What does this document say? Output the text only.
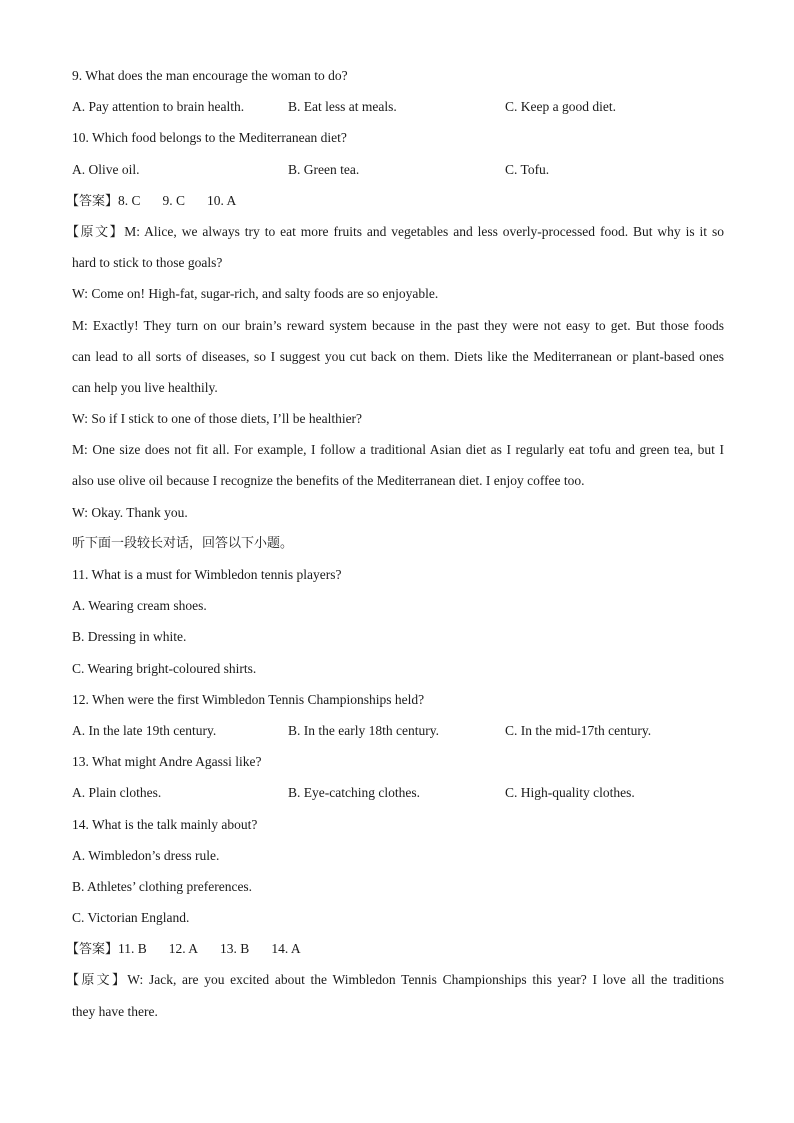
9. What does the man encourage the woman to do?
A. Pay attention to brain health.	B. Eat less at meals.	C. Keep a good diet.
10. Which food belongs to the Mediterranean diet?
A. Olive oil.	B. Green tea.	C. Tofu.
【答案】8. C 9. C 10. A
【原文】M: Alice, we always try to eat more fruits and vegetables and less overly-processed food. But why is it so
hard to stick to those goals?
W: Come on! High-fat, sugar-rich, and salty foods are so enjoyable.
M: Exactly! They turn on our brain’s reward system because in the past they were not easy to get. But those foods
can lead to all sorts of diseases, so I suggest you cut back on them. Diets like the Mediterranean or plant-based ones
can help you live healthily.
W: So if I stick to one of those diets, I’ll be healthier?
M: One size does not fit all. For example, I follow a traditional Asian diet as I regularly eat tofu and green tea, but I
also use olive oil because I recognize the benefits of the Mediterranean diet. I enjoy coffee too.
W: Okay. Thank you.
听下面一段较长对话，回答以下小题。
11. What is a must for Wimbledon tennis players?
A. Wearing cream shoes.
B. Dressing in white.
C. Wearing bright-coloured shirts.
12. When were the first Wimbledon Tennis Championships held?
A. In the late 19th century.	B. In the early 18th century.	C. In the mid-17th century.
13. What might Andre Agassi like?
A. Plain clothes.	B. Eye-catching clothes.	C. High-quality clothes.
14. What is the talk mainly about?
A. Wimbledon’s dress rule.
B. Athletes’ clothing preferences.
C. Victorian England.
【答案】11. B 12. A 13. B 14. A
【原文】W: Jack, are you excited about the Wimbledon Tennis Championships this year? I love all the traditions
they have there.
